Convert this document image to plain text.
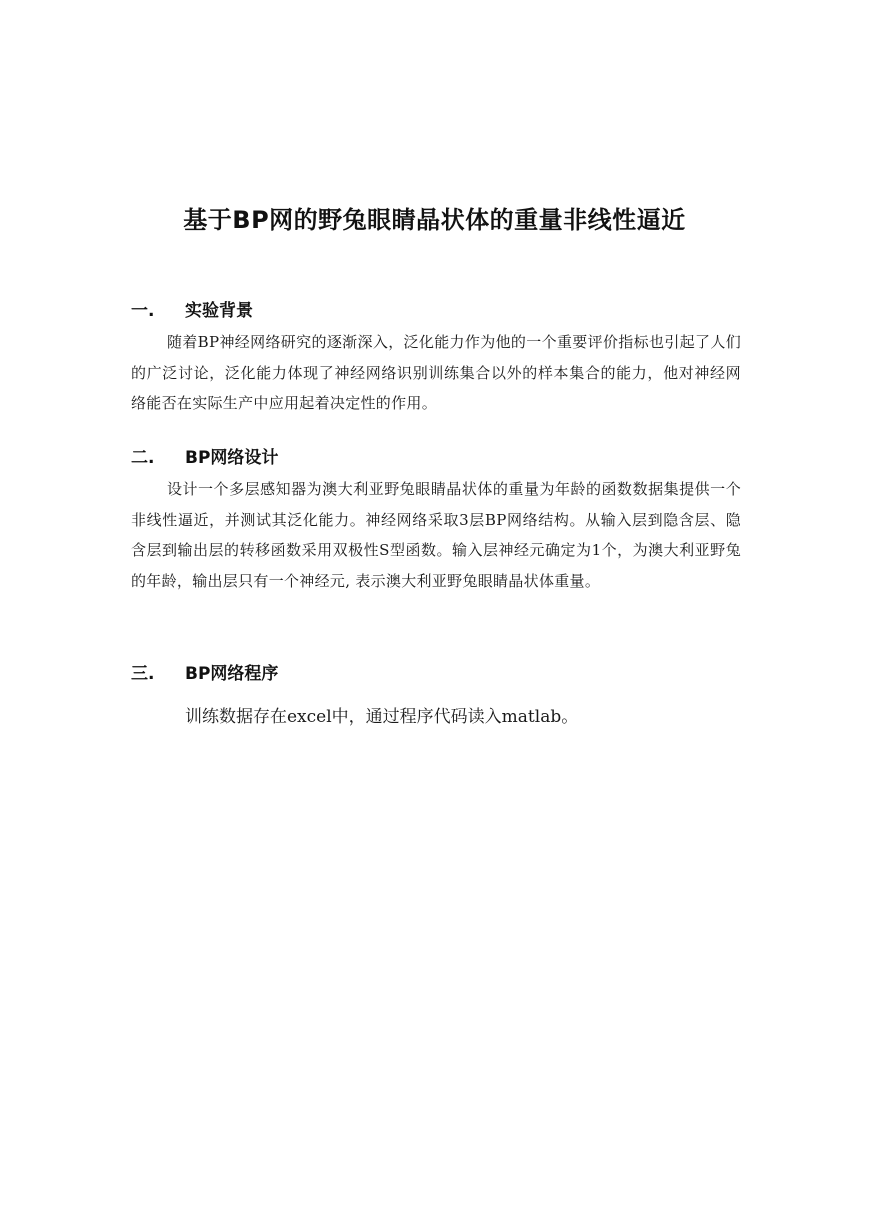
基于BP网的野兔眼睛晶状体的重量非线性逼近
一.	实验背景

随着BP神经网络研究的逐渐深入，泛化能力作为他的一个重要评价指标也引起了人们的广泛讨论，泛化能力体现了神经网络识别训练集合以外的样本集合的能力，他对神经网络能否在实际生产中应用起着决定性的作用。

二.	BP网络设计

设计一个多层感知器为澳大利亚野兔眼睛晶状体的重量为年龄的函数数据集提供一个非线性逼近，并测试其泛化能力。神经网络采取3层BP网络结构。从输入层到隐含层、隐含层到输出层的转移函数采用双极性S型函数。输入层神经元确定为1个，为澳大利亚野兔的年龄，输出层只有一个神经元, 表示澳大利亚野兔眼睛晶状体重量。

三.	BP网络程序

训练数据存在excel中，通过程序代码读入matlab。
